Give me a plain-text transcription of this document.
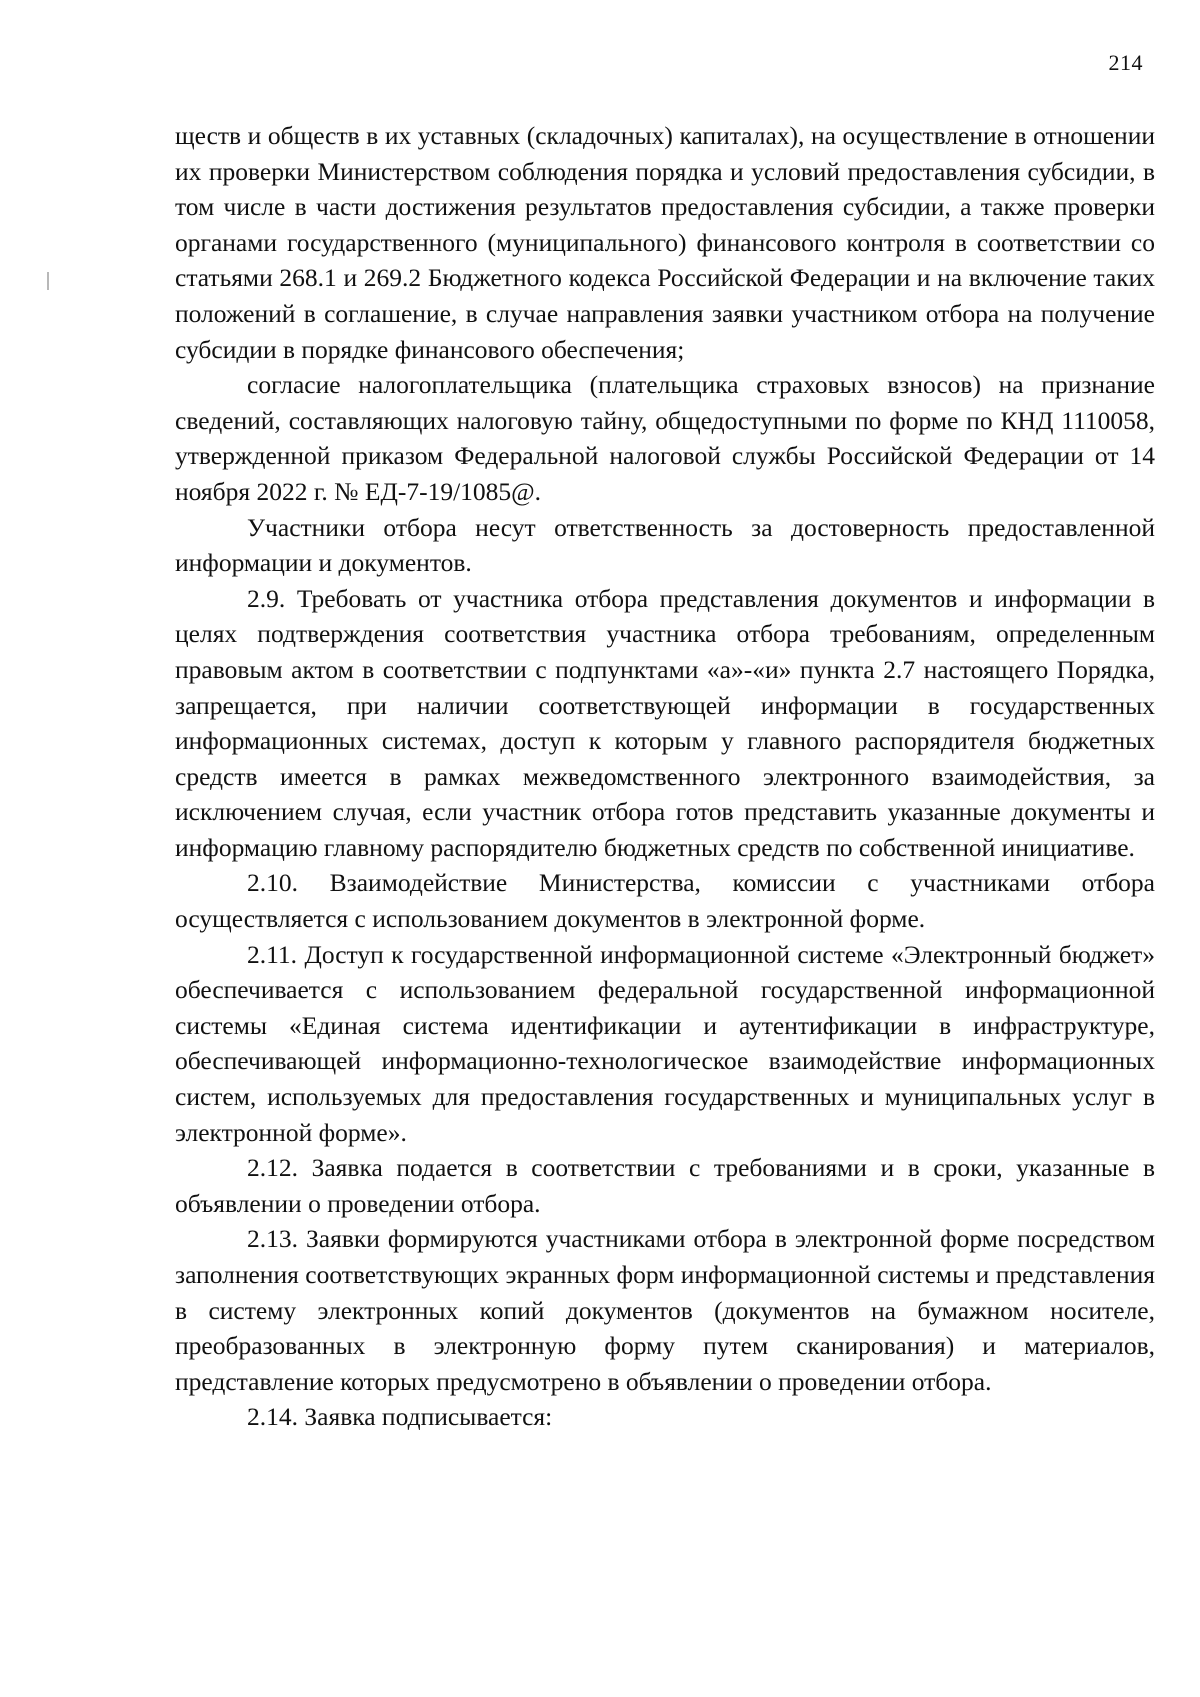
214

ществ и обществ в их уставных (складочных) капиталах), на осуществление в отношении их проверки Министерством соблюдения порядка и условий предоставления субсидии, в том числе в части достижения результатов предоставления субсидии, а также проверки органами государственного (муниципального) финансового контроля в соответствии со статьями 268.1 и 269.2 Бюджетного кодекса Российской Федерации и на включение таких положений в соглашение, в случае направления заявки участником отбора на получение субсидии в порядке финансового обеспечения;

согласие налогоплательщика (плательщика страховых взносов) на признание сведений, составляющих налоговую тайну, общедоступными по форме по КНД 1110058, утвержденной приказом Федеральной налоговой службы Российской Федерации от 14 ноября 2022 г. № ЕД-7-19/1085@.

Участники отбора несут ответственность за достоверность предоставленной информации и документов.

2.9. Требовать от участника отбора представления документов и информации в целях подтверждения соответствия участника отбора требованиям, определенным правовым актом в соответствии с подпунктами «а»-«и» пункта 2.7 настоящего Порядка, запрещается, при наличии соответствующей информации в государственных информационных системах, доступ к которым у главного распорядителя бюджетных средств имеется в рамках межведомственного электронного взаимодействия, за исключением случая, если участник отбора готов представить указанные документы и информацию главному распорядителю бюджетных средств по собственной инициативе.

2.10. Взаимодействие Министерства, комиссии с участниками отбора осуществляется с использованием документов в электронной форме.

2.11. Доступ к государственной информационной системе «Электронный бюджет» обеспечивается с использованием федеральной государственной информационной системы «Единая система идентификации и аутентификации в инфраструктуре, обеспечивающей информационно-технологическое взаимодействие информационных систем, используемых для предоставления государственных и муниципальных услуг в электронной форме».

2.12. Заявка подается в соответствии с требованиями и в сроки, указанные в объявлении о проведении отбора.

2.13. Заявки формируются участниками отбора в электронной форме посредством заполнения соответствующих экранных форм информационной системы и представления в систему электронных копий документов (документов на бумажном носителе, преобразованных в электронную форму путем сканирования) и материалов, представление которых предусмотрено в объявлении о проведении отбора.

2.14. Заявка подписывается:
